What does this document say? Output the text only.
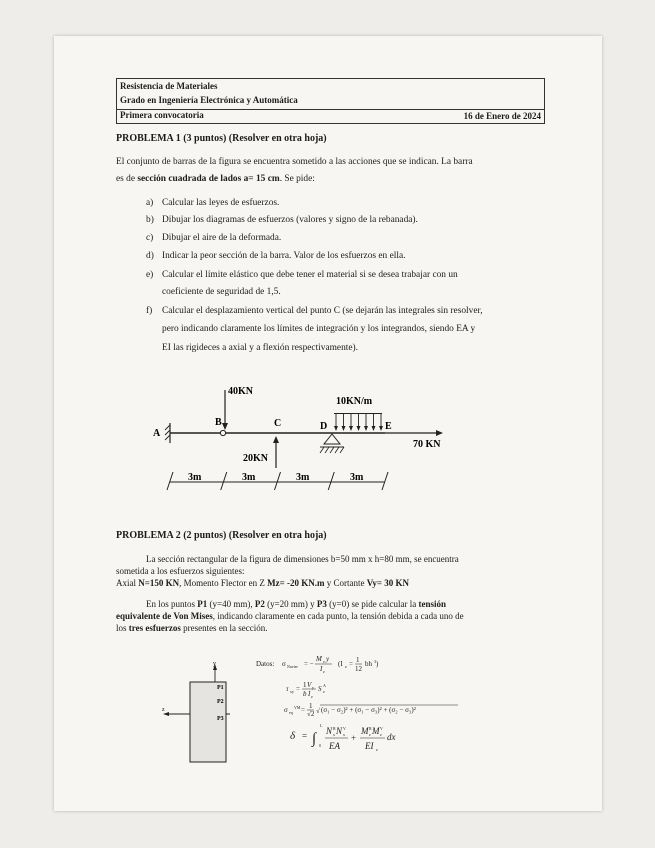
Resistencia de Materiales
Grado en Ingeniería Electrónica y Automática
Primera convocatoria	16 de Enero de 2024
PROBLEMA 1 (3 puntos) (Resolver en otra hoja)
El conjunto de barras de la figura se encuentra sometido a las acciones que se indican. La barra
es de sección cuadrada de lados a= 15 cm. Se pide:
a) Calcular las leyes de esfuerzos.
b) Dibujar los diagramas de esfuerzos (valores y signo de la rebanada).
c) Dibujar el aire de la deformada.
d) Indicar la peor sección de la barra. Valor de los esfuerzos en ella.
e) Calcular el límite elástico que debe tener el material si se desea trabajar con un
coeficiente de seguridad de 1,5.
f) Calcular el desplazamiento vertical del punto C (se dejarán las integrales sin resolver,
pero indicando claramente los límites de integración y los integrandos, siendo EA y
EI las rigideces a axial y a flexión respectivamente).
A
B
40KN
C
20KN
D
10KN/m
E
70 KN
3m	3m	3m	3m
PROBLEMA 2 (2 puntos) (Resolver en otra hoja)
La sección rectangular de la figura de dimensiones b=50 mm x h=80 mm, se encuentra
sometida a los esfuerzos siguientes:
Axial N=150 KN, Momento Flector en Z Mz= -20 KN.m y Cortante Vy= 30 KN
En los puntos P1 (y=40 mm), P2 (y=20 mm) y P3 (y=0) se pide calcular la tensión
equivalente de Von Mises, indicando claramente en cada punto, la tensión debida a cada uno de
los tres esfuerzos presentes en la sección.
y
z
P1
P2
P3
Datos: σ Navier = −
M z y
I z
(I z = 1
12
bh 3 )
τ xy = 1 V y
b I z
S A
z
σ eq
VM = 1
√2 √ (σ₁ − σ₂)² + (σ₁ − σ₃)² + (σ₂ − σ₃)²
δ = ∫ 0
L
N x
R N x
V
EA
+
M z
R M z
V
EI z
dx
